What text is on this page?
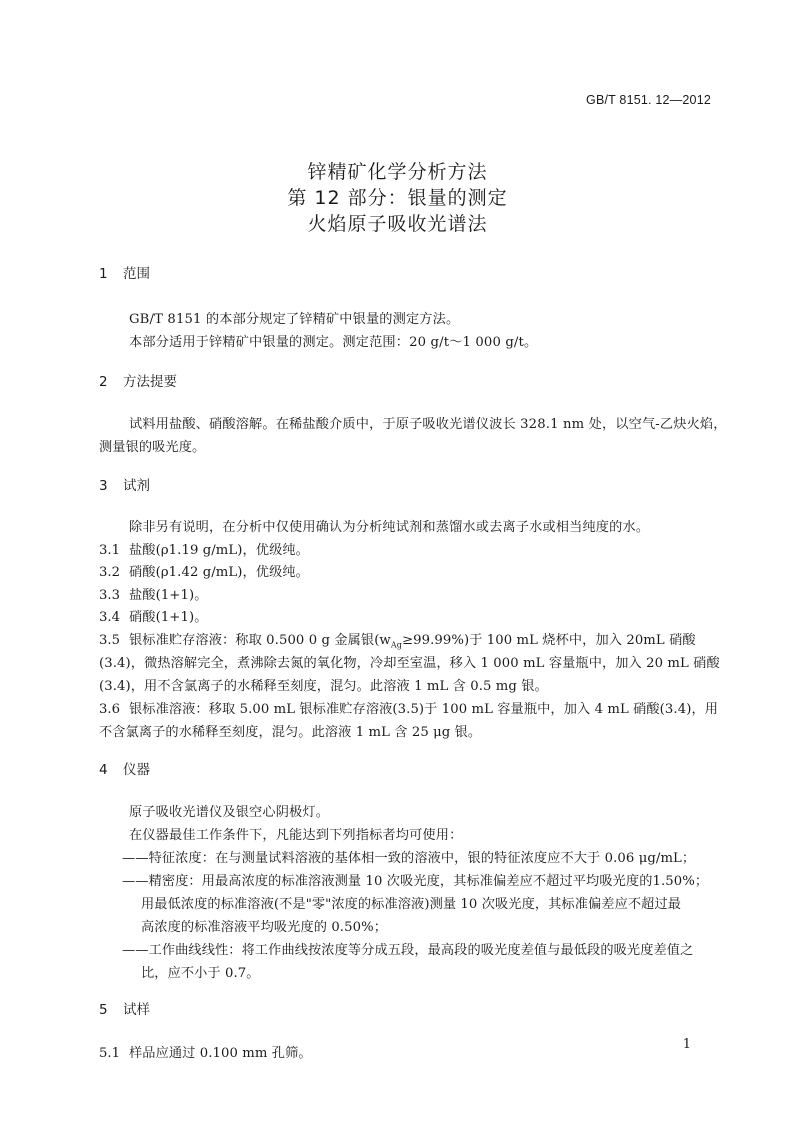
GB/T 8151. 12—2012
锌精矿化学分析方法
第 12 部分：银量的测定
火焰原子吸收光谱法
1 范围
GB/T 8151 的本部分规定了锌精矿中银量的测定方法。
本部分适用于锌精矿中银量的测定。测定范围：20 g/t～1 000 g/t。
2 方法提要
试料用盐酸、硝酸溶解。在稀盐酸介质中，于原子吸收光谱仪波长 328.1 nm 处，以空气-乙炔火焰，
测量银的吸光度。
3 试剂
除非另有说明，在分析中仅使用确认为分析纯试剂和蒸馏水或去离子水或相当纯度的水。
3.1 盐酸(ρ1.19 g/mL)，优级纯。
3.2 硝酸(ρ1.42 g/mL)，优级纯。
3.3 盐酸(1+1)。
3.4 硝酸(1+1)。
3.5 银标准贮存溶液：称取 0.500 0 g 金属银$(w_{Ag}\ge 99.99\%)$于 100 mL 烧杯中，加入 20mL 硝酸
(3.4)，微热溶解完全，煮沸除去氮的氧化物，冷却至室温，移入 1 000 mL 容量瓶中，加入 20 mL 硝酸
(3.4)，用不含氯离子的水稀释至刻度，混匀。此溶液 1 mL 含 0.5 mg 银。
3.6 银标准溶液：移取 5.00 mL 银标准贮存溶液(3.5)于 100 mL 容量瓶中，加入 4 mL 硝酸(3.4)，用
不含氯离子的水稀释至刻度，混匀。此溶液 1 mL 含 25 μg 银。
4 仪器
原子吸收光谱仪及银空心阴极灯。
在仪器最佳工作条件下，凡能达到下列指标者均可使用：
——特征浓度：在与测量试料溶液的基体相一致的溶液中，银的特征浓度应不大于 0.06 μg/mL；
——精密度：用最高浓度的标准溶液测量 10 次吸光度，其标准偏差应不超过平均吸光度的1.50%；
用最低浓度的标准溶液(不是"零"浓度的标准溶液)测量 10 次吸光度，其标准偏差应不超过最
高浓度的标准溶液平均吸光度的 0.50%；
——工作曲线线性：将工作曲线按浓度等分成五段，最高段的吸光度差值与最低段的吸光度差值之
比，应不小于 0.7。
5 试样
5.1 样品应通过 0.100 mm 孔筛。
1
